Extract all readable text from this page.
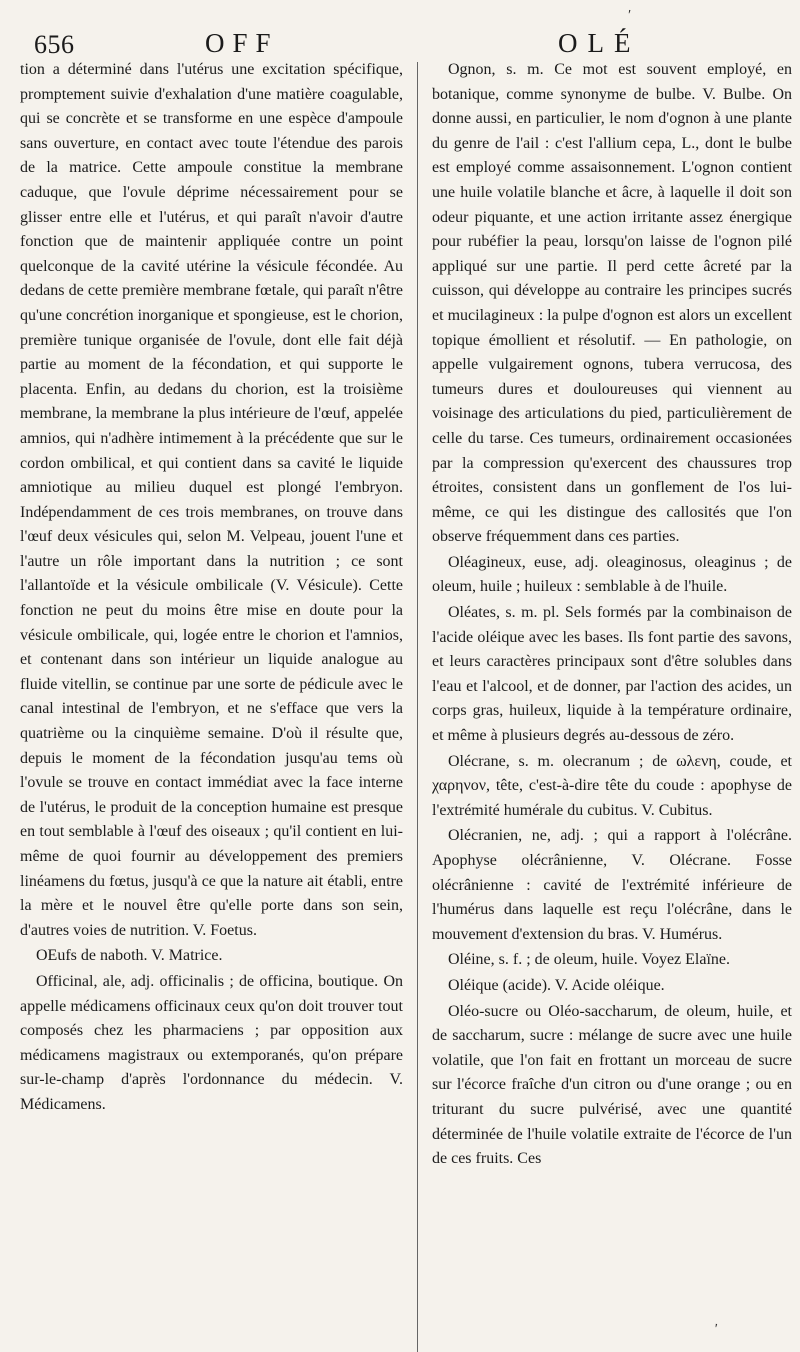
656	OFF	OLÉ

tion a déterminé dans l'utérus une excitation spécifique, promptement suivie d'exhalation d'une matière coagulable, qui se concrète et se transforme en une espèce d'ampoule sans ouverture, en contact avec toute l'étendue des parois de la matrice. Cette ampoule constitue la membrane caduque, que l'ovule déprime nécessairement pour se glisser entre elle et l'utérus, et qui paraît n'avoir d'autre fonction que de maintenir appliquée contre un point quelconque de la cavité utérine la vésicule fécondée. Au dedans de cette première membrane fœtale, qui paraît n'être qu'une concrétion inorganique et spongieuse, est le chorion, première tunique organisée de l'ovule, dont elle fait déjà partie au moment de la fécondation, et qui supporte le placenta. Enfin, au dedans du chorion, est la troisième membrane, la membrane la plus intérieure de l'œuf, appelée amnios, qui n'adhère intimement à la précédente que sur le cordon ombilical, et qui contient dans sa cavité le liquide amniotique au milieu duquel est plongé l'embryon. Indépendamment de ces trois membranes, on trouve dans l'œuf deux vésicules qui, selon M. Velpeau, jouent l'une et l'autre un rôle important dans la nutrition ; ce sont l'allantoïde et la vésicule ombilicale (V. Vésicule). Cette fonction ne peut du moins être mise en doute pour la vésicule ombilicale, qui, logée entre le chorion et l'amnios, et contenant dans son intérieur un liquide analogue au fluide vitellin, se continue par une sorte de pédicule avec le canal intestinal de l'embryon, et ne s'efface que vers la quatrième ou la cinquième semaine. D'où il résulte que, depuis le moment de la fécondation jusqu'au tems où l'ovule se trouve en contact immédiat avec la face interne de l'utérus, le produit de la conception humaine est presque en tout semblable à l'œuf des oiseaux ; qu'il contient en lui-même de quoi fournir au développement des premiers linéamens du fœtus, jusqu'à ce que la nature ait établi, entre la mère et le nouvel être qu'elle porte dans son sein, d'autres voies de nutrition. V. Foetus.

OEufs de naboth. V. Matrice.

Officinal, ale, adj. officinalis ; de officina, boutique. On appelle médicamens officinaux ceux qu'on doit trouver tout composés chez les pharmaciens ; par opposition aux médicamens magistraux ou extemporanés, qu'on prépare sur-le-champ d'après l'ordonnance du médecin. V. Médicamens.

Ognon, s. m. Ce mot est souvent employé, en botanique, comme synonyme de bulbe. V. Bulbe. On donne aussi, en particulier, le nom d'ognon à une plante du genre de l'ail : c'est l'allium cepa, L., dont le bulbe est employé comme assaisonnement. L'ognon contient une huile volatile blanche et âcre, à laquelle il doit son odeur piquante, et une action irritante assez énergique pour rubéfier la peau, lorsqu'on laisse de l'ognon pilé appliqué sur une partie. Il perd cette âcreté par la cuisson, qui développe au contraire les principes sucrés et mucilagineux : la pulpe d'ognon est alors un excellent topique émollient et résolutif. — En pathologie, on appelle vulgairement ognons, tubera verrucosa, des tumeurs dures et douloureuses qui viennent au voisinage des articulations du pied, particulièrement de celle du tarse. Ces tumeurs, ordinairement occasionées par la compression qu'exercent des chaussures trop étroites, consistent dans un gonflement de l'os lui-même, ce qui les distingue des callosités que l'on observe fréquemment dans ces parties.

Oléagineux, euse, adj. oleaginosus, oleaginus ; de oleum, huile ; huileux : semblable à de l'huile.

Oléates, s. m. pl. Sels formés par la combinaison de l'acide oléique avec les bases. Ils font partie des savons, et leurs caractères principaux sont d'être solubles dans l'eau et l'alcool, et de donner, par l'action des acides, un corps gras, huileux, liquide à la température ordinaire, et même à plusieurs degrés au-dessous de zéro.

Olécrane, s. m. olecranum ; de ωλενη, coude, et χαρηνον, tête, c'est-à-dire tête du coude : apophyse de l'extrémité humérale du cubitus. V. Cubitus.

Olécranien, ne, adj. ; qui a rapport à l'olécrâne. Apophyse olécrânienne, V. Olécrane. Fosse olécrânienne : cavité de l'extrémité inférieure de l'humérus dans laquelle est reçu l'olécrâne, dans le mouvement d'extension du bras. V. Humérus.

Oléine, s. f. ; de oleum, huile. Voyez Elaïne.

Oléique (acide). V. Acide oléique.

Oléo-sucre ou Oléo-saccharum, de oleum, huile, et de saccharum, sucre : mélange de sucre avec une huile volatile, que l'on fait en frottant un morceau de sucre sur l'écorce fraîche d'un citron ou d'une orange ; ou en triturant du sucre pulvérisé, avec une quantité déterminée de l'huile volatile extraite de l'écorce de l'un de ces fruits. Ces

'
'
